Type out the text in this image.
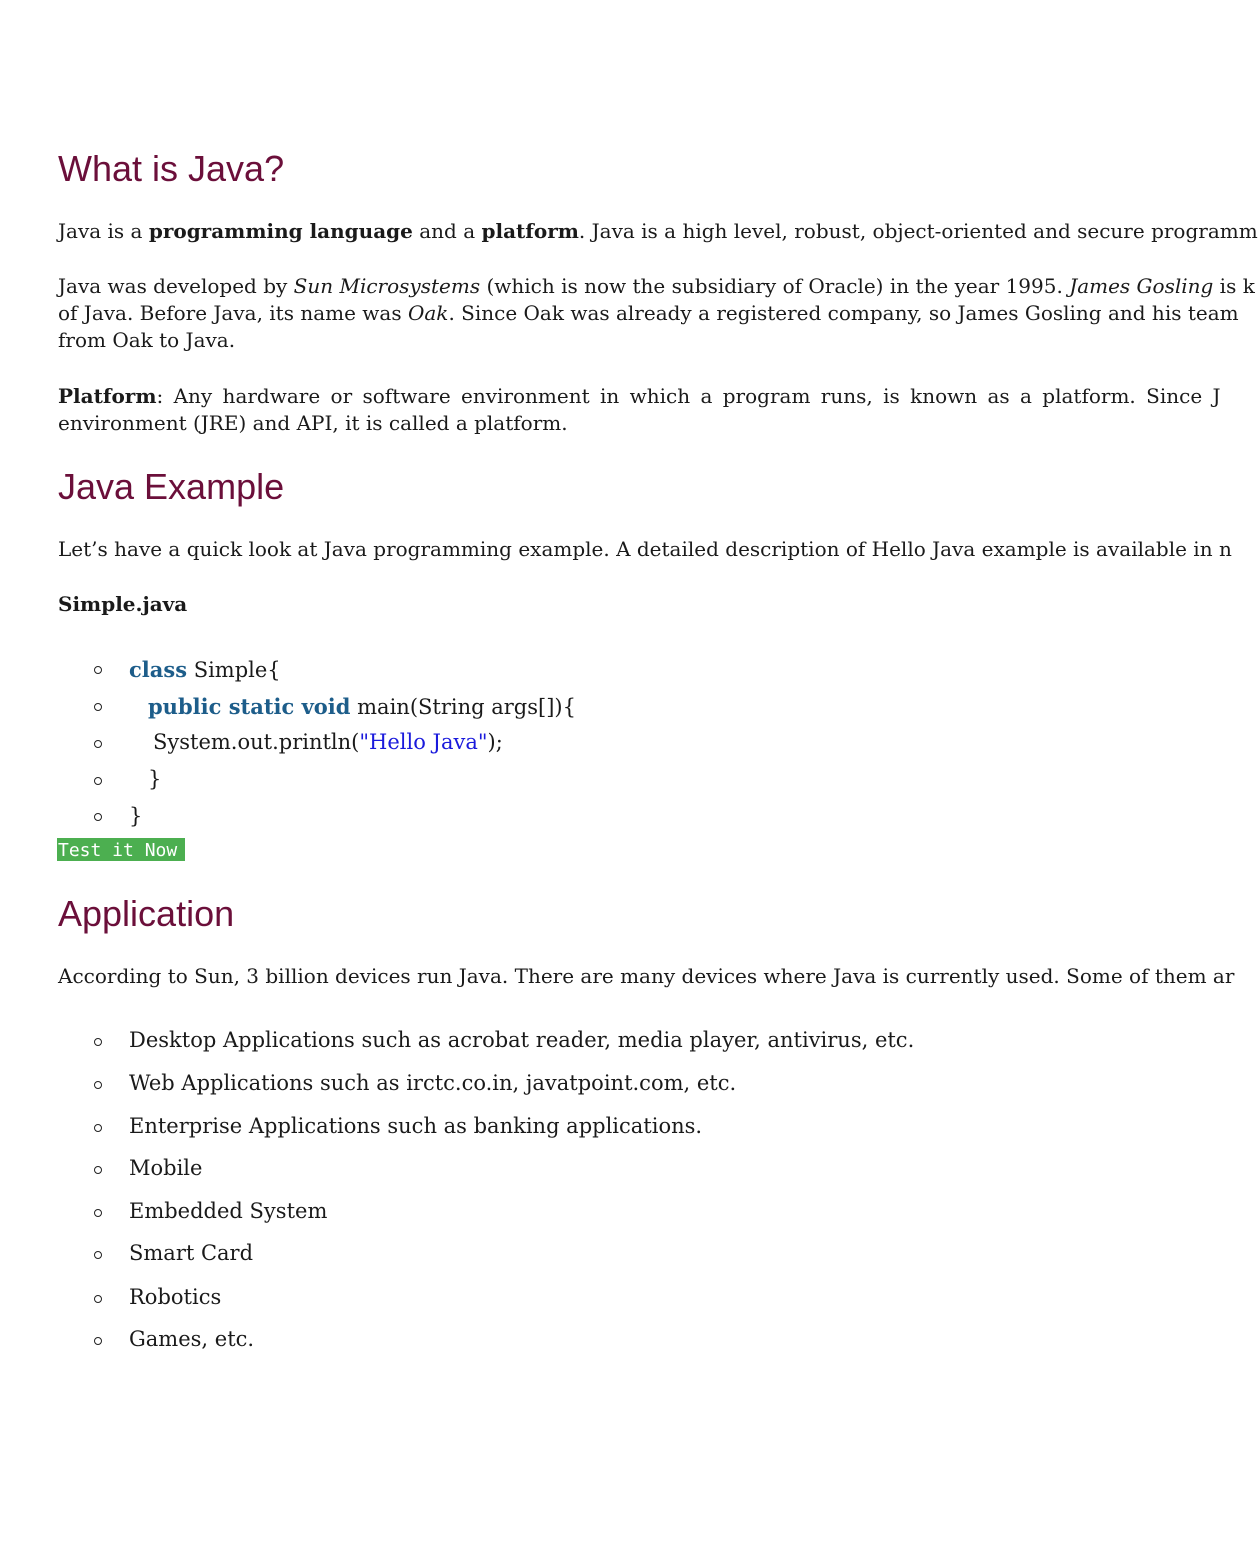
What is Java?

Java is a programming language and a platform. Java is a high level, robust, object-oriented and secure programm

Java was developed by Sun Microsystems (which is now the subsidiary of Oracle) in the year 1995. James Gosling is k

of Java. Before Java, its name was Oak. Since Oak was already a registered company, so James Gosling and his team

from Oak to Java.

Platform: Any hardware or software environment in which a program runs, is known as a platform. Since J

environment (JRE) and API, it is called a platform.

Java Example

Let’s have a quick look at Java programming example. A detailed description of Hello Java example is available in n

Simple.java

class Simple{
public static void main(String args[]){
System.out.println("Hello Java");
}
}
Test it Now
Application

According to Sun, 3 billion devices run Java. There are many devices where Java is currently used. Some of them ar

Desktop Applications such as acrobat reader, media player, antivirus, etc.
Web Applications such as irctc.co.in, javatpoint.com, etc.
Enterprise Applications such as banking applications.
Mobile
Embedded System
Smart Card
Robotics
Games, etc.
